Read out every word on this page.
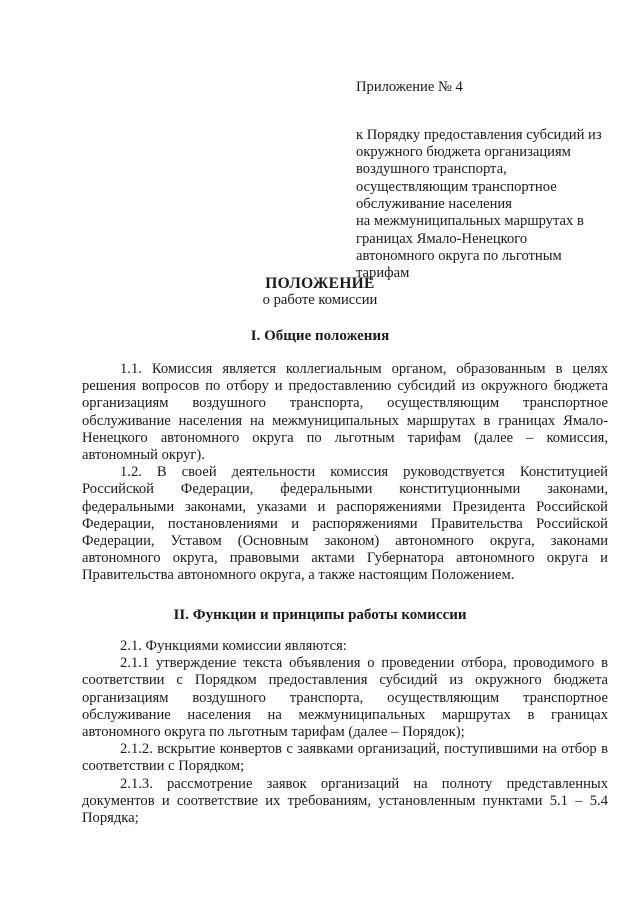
Приложение № 4

к Порядку предоставления субсидий из
окружного бюджета организациям
воздушного транспорта,
осуществляющим транспортное
обслуживание населения
на межмуниципальных маршрутах в
границах Ямало-Ненецкого
автономного округа по льготным
тарифам

ПОЛОЖЕНИЕ
о работе комиссии
I. Общие положения

1.1. Комиссия является коллегиальным органом, образованным в целях решения вопросов по отбору и предоставлению субсидий из окружного бюджета организациям воздушного транспорта, осуществляющим транспортное обслуживание населения на межмуниципальных маршрутах в границах Ямало-Ненецкого автономного округа по льготным тарифам (далее – комиссия, автономный округ).

1.2. В своей деятельности комиссия руководствуется Конституцией Российской Федерации, федеральными конституционными законами, федеральными законами, указами и распоряжениями Президента Российской Федерации, постановлениями и распоряжениями Правительства Российской Федерации, Уставом (Основным законом) автономного округа, законами автономного округа, правовыми актами Губернатора автономного округа и Правительства автономного округа, а также настоящим Положением.

II. Функции и принципы работы комиссии

2.1. Функциями комиссии являются:

2.1.1 утверждение текста объявления о проведении отбора, проводимого в соответствии с Порядком предоставления субсидий из окружного бюджета организациям воздушного транспорта, осуществляющим транспортное обслуживание населения на межмуниципальных маршрутах в границах автономного округа по льготным тарифам (далее – Порядок);

2.1.2. вскрытие конвертов с заявками организаций, поступившими на отбор в соответствии с Порядком;

2.1.3. рассмотрение заявок организаций на полноту представленных документов и соответствие их требованиям, установленным пунктами 5.1 – 5.4 Порядка;
